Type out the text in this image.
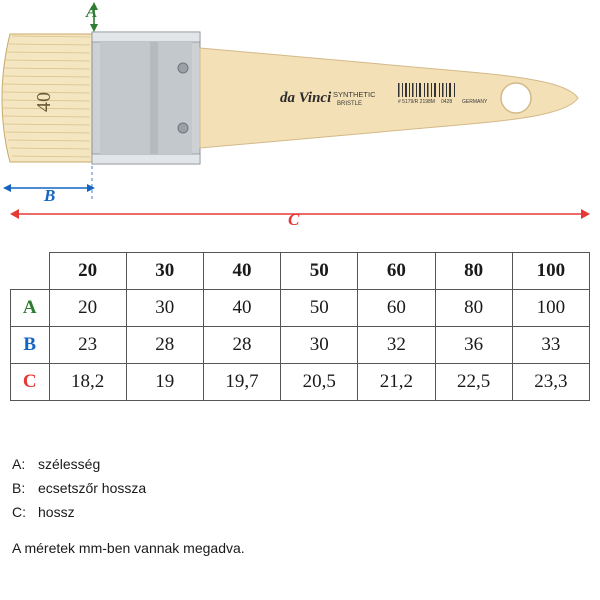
40	da Vinci SYNTHETIC
BRISTLE	# 5179/R 2198M 0428 GERMANY
A
B
C
	20	30	40	50	60	80	100
A	20	30	40	50	60	80	100
B	23	28	28	30	32	36	33
C	18,2	19	19,7	20,5	21,2	22,5	23,3
A: szélesség
B: ecsetszőr hossza
C: hossz
A méretek mm-ben vannak megadva.
